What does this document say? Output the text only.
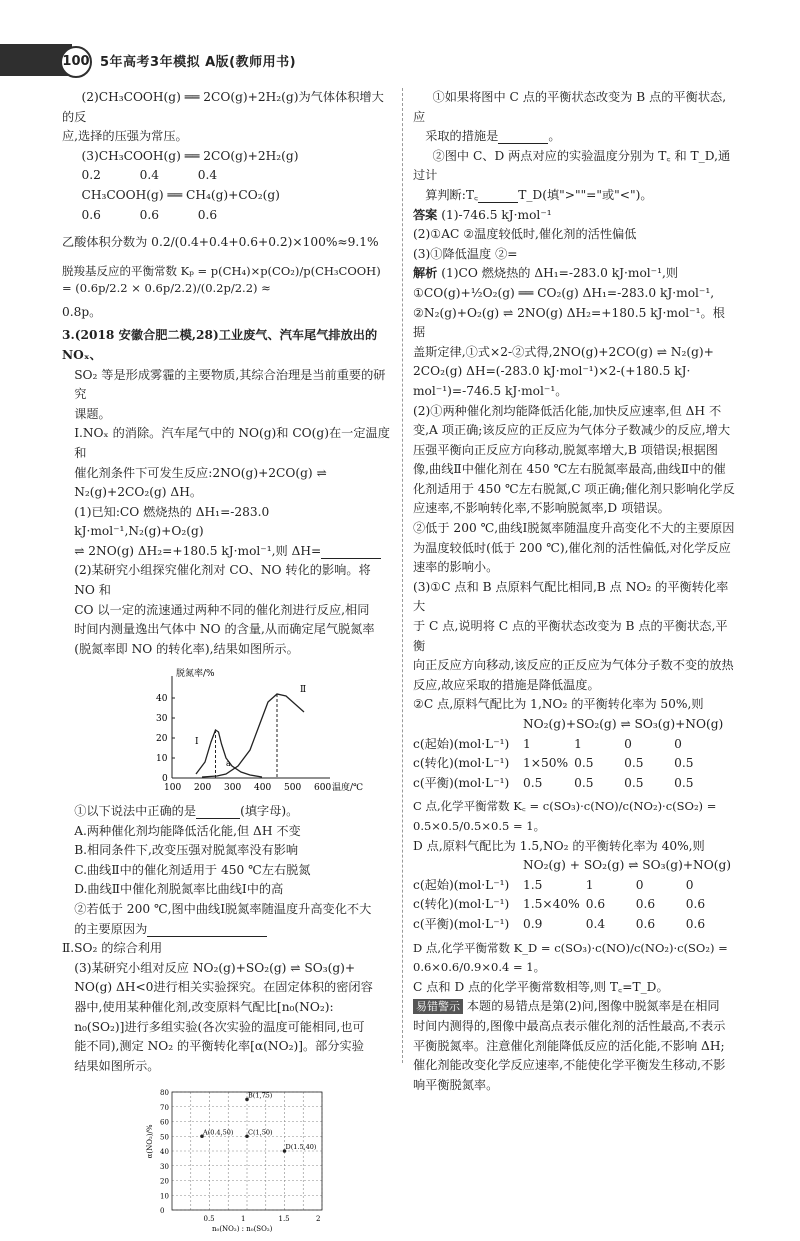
100 5年高考3年模拟 A版(教师用书)

(2)CH₃COOH(g) ══ 2CO(g)+2H₂(g)为气体体积增大的反

应,选择的压强为常压。

(3)CH₃COOH(g) ══ 2CO(g)+2H₂(g)

0.2          0.4          0.4

CH₃COOH(g) ══ CH₄(g)+CO₂(g)

0.6          0.6          0.6

乙酸体积分数为 0.2/(0.4+0.4+0.6+0.2)×100%≈9.1%

脱羧基反应的平衡常数 Kₚ = p(CH₄)×p(CO₂)/p(CH₃COOH) = (0.6p/2.2 × 0.6p/2.2)/(0.2p/2.2) ≈

0.8p。

3.(2018 安徽合肥二模,28)工业废气、汽车尾气排放出的 NOₓ、

SO₂ 等是形成雾霾的主要物质,其综合治理是当前重要的研究

课题。

Ⅰ.NOₓ 的消除。汽车尾气中的 NO(g)和 CO(g)在一定温度和

催化剂条件下可发生反应:2NO(g)+2CO(g) ⇌

N₂(g)+2CO₂(g) ΔH。

(1)已知:CO 燃烧热的 ΔH₁=-283.0 kJ·mol⁻¹,N₂(g)+O₂(g)

⇌ 2NO(g) ΔH₂=+180.5 kJ·mol⁻¹,则 ΔH=

(2)某研究小组探究催化剂对 CO、NO 转化的影响。将 NO 和

CO 以一定的流速通过两种不同的催化剂进行反应,相同

时间内测量逸出气体中 NO 的含量,从而确定尾气脱氮率

(脱氮率即 NO 的转化率),结果如图所示。

脱氮率/%
温度/℃
100 200 300 400 500 600
0
10
20
30
40
Ⅰ
Ⅱ
a

①以下说法中正确的是	(填字母)。

A.两种催化剂均能降低活化能,但 ΔH 不变

B.相同条件下,改变压强对脱氮率没有影响

C.曲线Ⅱ中的催化剂适用于 450 ℃左右脱氮

D.曲线Ⅱ中催化剂脱氮率比曲线Ⅰ中的高

②若低于 200 ℃,图中曲线Ⅰ脱氮率随温度升高变化不大

的主要原因为

Ⅱ.SO₂ 的综合利用

(3)某研究小组对反应 NO₂(g)+SO₂(g) ⇌ SO₃(g)+

NO(g) ΔH<0进行相关实验探究。在固定体积的密闭容

器中,使用某种催化剂,改变原料气配比[n₀(NO₂):

n₀(SO₂)]进行多组实验(各次实验的温度可能相同,也可

能不同),测定 NO₂ 的平衡转化率[α(NO₂)]。部分实验

结果如图所示。

0
10
20
30
40
50
60
70
80
0.5	1	1.5	2
n₀(NO₂) : n₀(SO₂)
α(NO₂)/%	A(0.4,50)
B(1,75)
C(1,50)
D(1.5,40)

①如果将图中 C 点的平衡状态改变为 B 点的平衡状态,应

采取的措施是	。

②图中 C、D 两点对应的实验温度分别为 T꜀ 和 T_D,通过计

算判断:T꜀	T_D(填">""="或"<")。

答案 (1)-746.5 kJ·mol⁻¹

(2)①AC ②温度较低时,催化剂的活性偏低

(3)①降低温度 ②=

解析 (1)CO 燃烧热的 ΔH₁=-283.0 kJ·mol⁻¹,则

①CO(g)+½O₂(g) ══ CO₂(g) ΔH₁=-283.0 kJ·mol⁻¹,

②N₂(g)+O₂(g) ⇌ 2NO(g) ΔH₂=+180.5 kJ·mol⁻¹。根据

盖斯定律,①式×2-②式得,2NO(g)+2CO(g) ⇌ N₂(g)+

2CO₂(g) ΔH=(-283.0 kJ·mol⁻¹)×2-(+180.5 kJ·

mol⁻¹)=-746.5 kJ·mol⁻¹。

(2)①两种催化剂均能降低活化能,加快反应速率,但 ΔH 不

变,A 项正确;该反应的正反应为气体分子数减少的反应,增大

压强平衡向正反应方向移动,脱氮率增大,B 项错误;根据图

像,曲线Ⅱ中催化剂在 450 ℃左右脱氮率最高,曲线Ⅱ中的催

化剂适用于 450 ℃左右脱氮,C 项正确;催化剂只影响化学反

应速率,不影响转化率,不影响脱氮率,D 项错误。

②低于 200 ℃,曲线Ⅰ脱氮率随温度升高变化不大的主要原因

为温度较低时(低于 200 ℃),催化剂的活性偏低,对化学反应

速率的影响小。

(3)①C 点和 B 点原料气配比相同,B 点 NO₂ 的平衡转化率大

于 C 点,说明将 C 点的平衡状态改变为 B 点的平衡状态,平衡

向正反应方向移动,该反应的正反应为气体分子数不变的放热

反应,故应采取的措施是降低温度。

②C 点,原料气配比为 1,NO₂ 的平衡转化率为 50%,则

NO₂(g)+SO₂(g) ⇌ SO₃(g)+NO(g)

c(起始)(mol·L⁻¹)	1	1	0	0
c(转化)(mol·L⁻¹)	1×50%	0.5	0.5	0.5
c(平衡)(mol·L⁻¹)	0.5	0.5	0.5	0.5

C 点,化学平衡常数 K꜀ = c(SO₃)·c(NO)/c(NO₂)·c(SO₂) = 0.5×0.5/0.5×0.5 = 1。

D 点,原料气配比为 1.5,NO₂ 的平衡转化率为 40%,则

NO₂(g) + SO₂(g) ⇌ SO₃(g)+NO(g)

c(起始)(mol·L⁻¹)	1.5	1	0	0
c(转化)(mol·L⁻¹)	1.5×40%	0.6	0.6	0.6
c(平衡)(mol·L⁻¹)	0.9	0.4	0.6	0.6

D 点,化学平衡常数 K_D = c(SO₃)·c(NO)/c(NO₂)·c(SO₂) = 0.6×0.6/0.9×0.4 = 1。

C 点和 D 点的化学平衡常数相等,则 T꜀=T_D。

易错警示 本题的易错点是第(2)问,图像中脱氮率是在相同

时间内测得的,图像中最高点表示催化剂的活性最高,不表示

平衡脱氮率。注意催化剂能降低反应的活化能,不影响 ΔH;

催化剂能改变化学反应速率,不能使化学平衡发生移动,不影

响平衡脱氮率。
